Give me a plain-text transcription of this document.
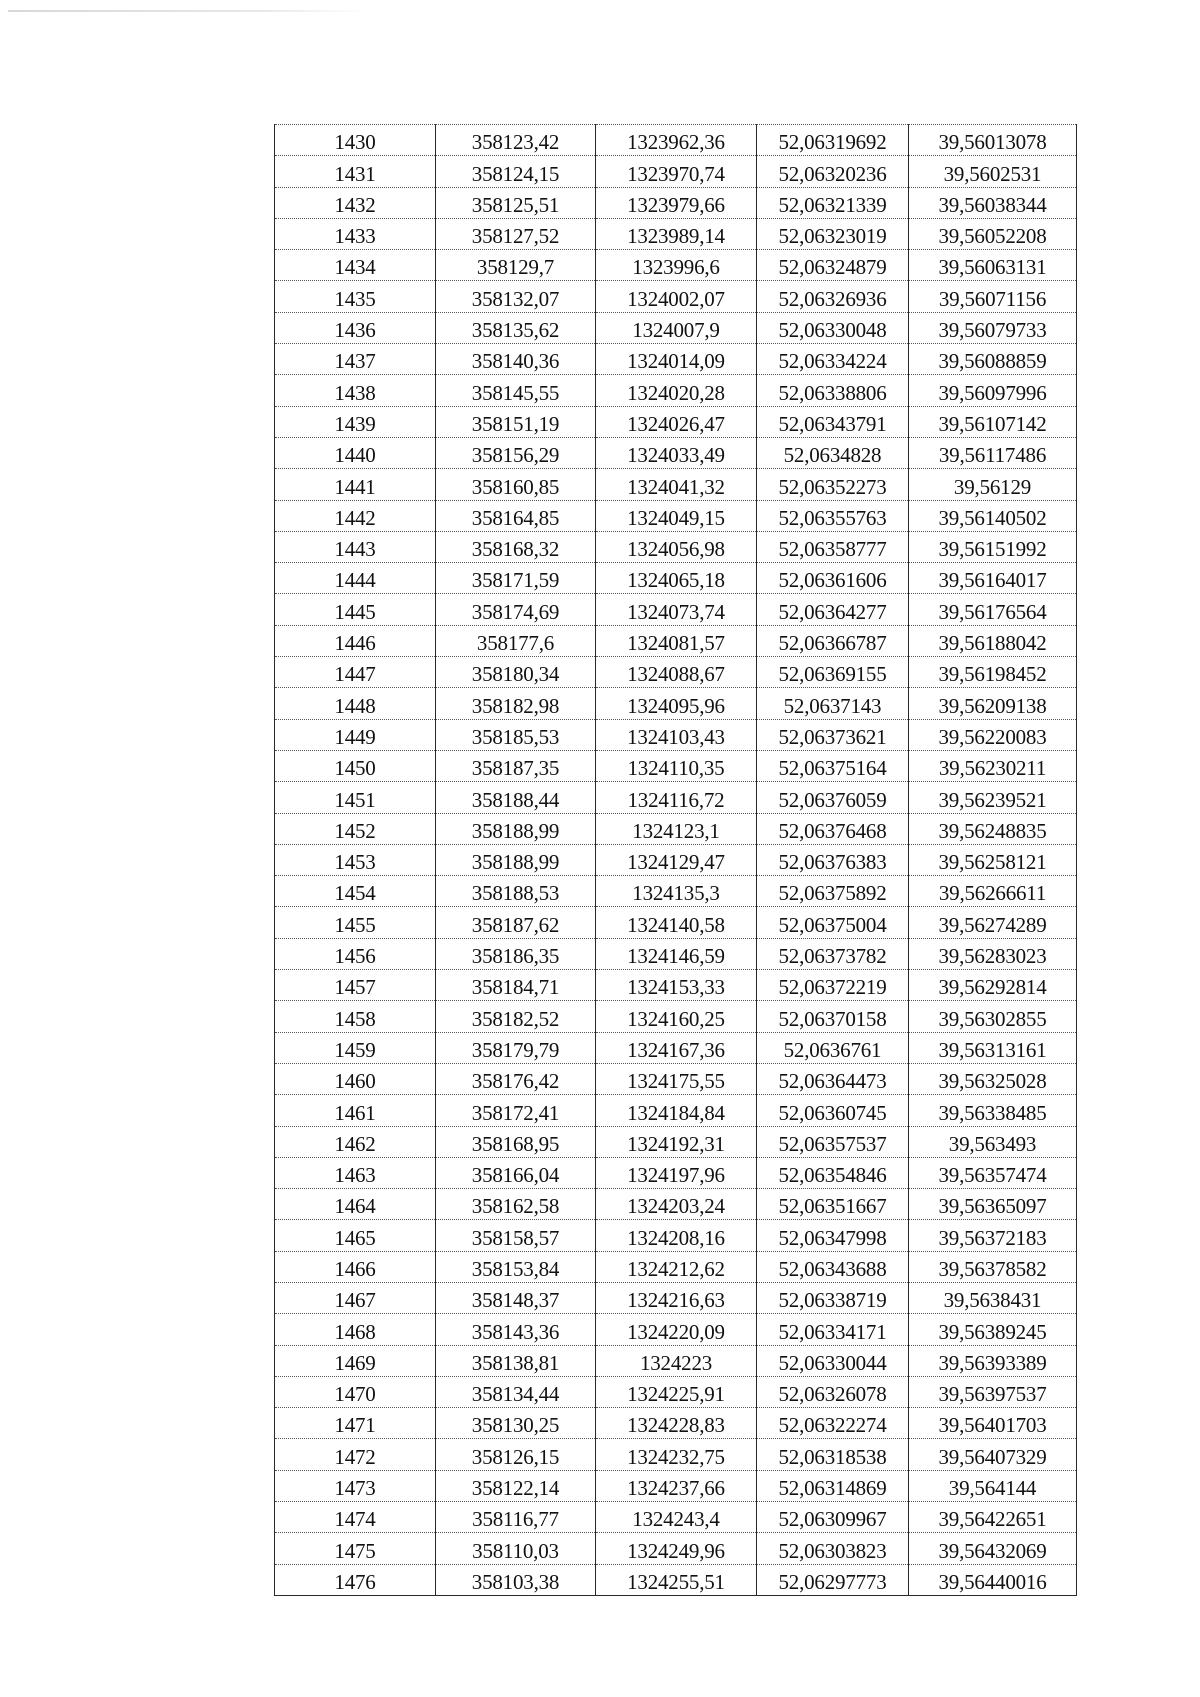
1430	358123,42	1323962,36	52,06319692	39,56013078
1431	358124,15	1323970,74	52,06320236	39,5602531
1432	358125,51	1323979,66	52,06321339	39,56038344
1433	358127,52	1323989,14	52,06323019	39,56052208
1434	358129,7	1323996,6	52,06324879	39,56063131
1435	358132,07	1324002,07	52,06326936	39,56071156
1436	358135,62	1324007,9	52,06330048	39,56079733
1437	358140,36	1324014,09	52,06334224	39,56088859
1438	358145,55	1324020,28	52,06338806	39,56097996
1439	358151,19	1324026,47	52,06343791	39,56107142
1440	358156,29	1324033,49	52,0634828	39,56117486
1441	358160,85	1324041,32	52,06352273	39,56129
1442	358164,85	1324049,15	52,06355763	39,56140502
1443	358168,32	1324056,98	52,06358777	39,56151992
1444	358171,59	1324065,18	52,06361606	39,56164017
1445	358174,69	1324073,74	52,06364277	39,56176564
1446	358177,6	1324081,57	52,06366787	39,56188042
1447	358180,34	1324088,67	52,06369155	39,56198452
1448	358182,98	1324095,96	52,0637143	39,56209138
1449	358185,53	1324103,43	52,06373621	39,56220083
1450	358187,35	1324110,35	52,06375164	39,56230211
1451	358188,44	1324116,72	52,06376059	39,56239521
1452	358188,99	1324123,1	52,06376468	39,56248835
1453	358188,99	1324129,47	52,06376383	39,56258121
1454	358188,53	1324135,3	52,06375892	39,56266611
1455	358187,62	1324140,58	52,06375004	39,56274289
1456	358186,35	1324146,59	52,06373782	39,56283023
1457	358184,71	1324153,33	52,06372219	39,56292814
1458	358182,52	1324160,25	52,06370158	39,56302855
1459	358179,79	1324167,36	52,0636761	39,56313161
1460	358176,42	1324175,55	52,06364473	39,56325028
1461	358172,41	1324184,84	52,06360745	39,56338485
1462	358168,95	1324192,31	52,06357537	39,563493
1463	358166,04	1324197,96	52,06354846	39,56357474
1464	358162,58	1324203,24	52,06351667	39,56365097
1465	358158,57	1324208,16	52,06347998	39,56372183
1466	358153,84	1324212,62	52,06343688	39,56378582
1467	358148,37	1324216,63	52,06338719	39,5638431
1468	358143,36	1324220,09	52,06334171	39,56389245
1469	358138,81	1324223	52,06330044	39,56393389
1470	358134,44	1324225,91	52,06326078	39,56397537
1471	358130,25	1324228,83	52,06322274	39,56401703
1472	358126,15	1324232,75	52,06318538	39,56407329
1473	358122,14	1324237,66	52,06314869	39,564144
1474	358116,77	1324243,4	52,06309967	39,56422651
1475	358110,03	1324249,96	52,06303823	39,56432069
1476	358103,38	1324255,51	52,06297773	39,56440016
